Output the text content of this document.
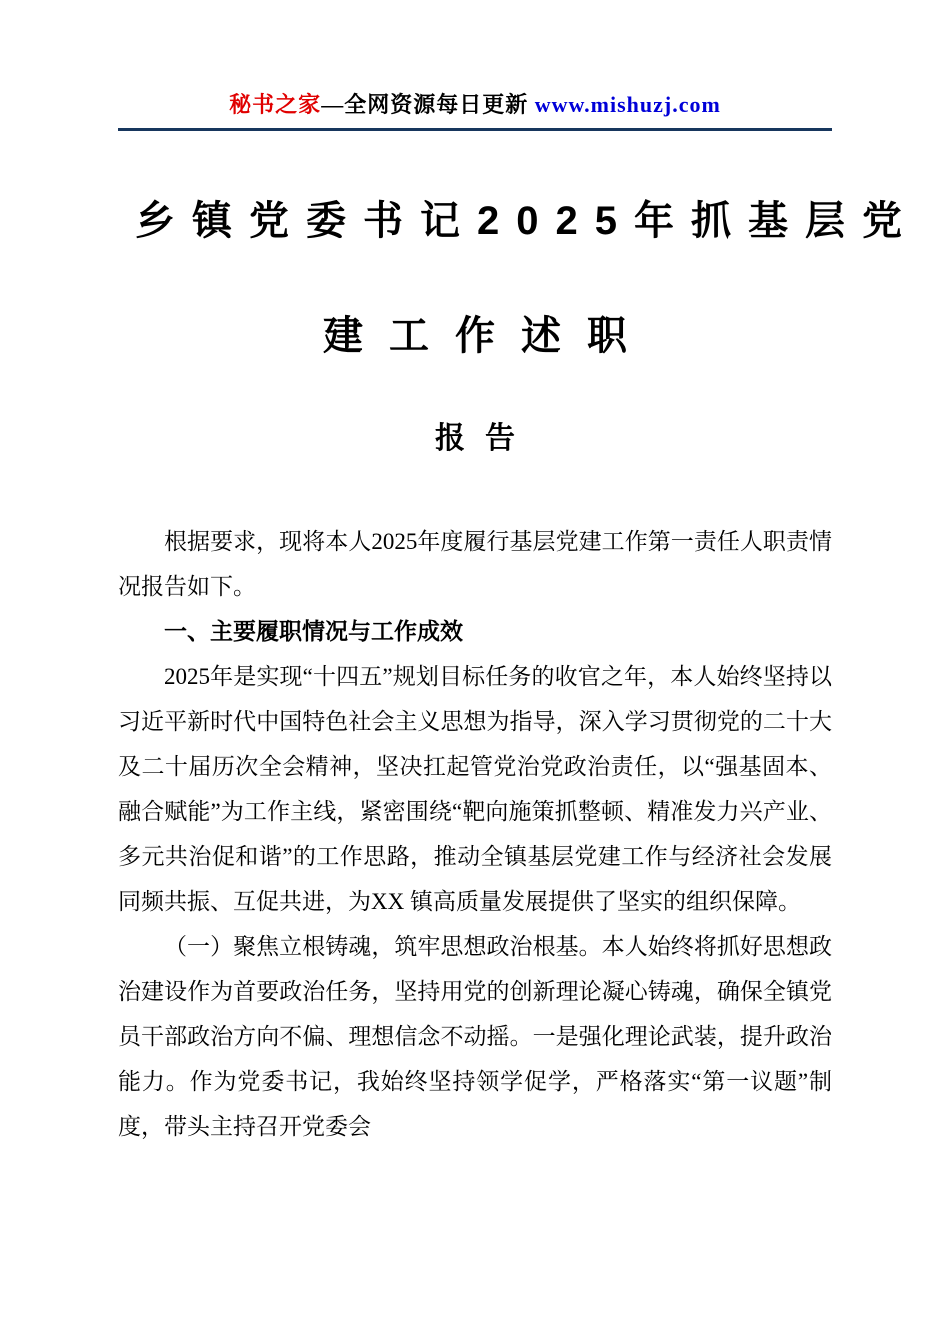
秘书之家—全网资源每日更新 www.mishuzj.com
乡镇党委书记2025年抓基层党
建工作述职
报告

根据要求，现将本人2025年度履行基层党建工作第一责任人职责情况报告如下。

一、主要履职情况与工作成效

2025年是实现“十四五”规划目标任务的收官之年，本人始终坚持以习近平新时代中国特色社会主义思想为指导，深入学习贯彻党的二十大及二十届历次全会精神，坚决扛起管党治党政治责任，以“强基固本、融合赋能”为工作主线，紧密围绕“靶向施策抓整顿、精准发力兴产业、多元共治促和谐”的工作思路，推动全镇基层党建工作与经济社会发展同频共振、互促共进，为XX 镇高质量发展提供了坚实的组织保障。

（一）聚焦立根铸魂，筑牢思想政治根基。本人始终将抓好思想政治建设作为首要政治任务，坚持用党的创新理论凝心铸魂，确保全镇党员干部政治方向不偏、理想信念不动摇。一是强化理论武装，提升政治能力。作为党委书记，我始终坚持领学促学，严格落实“第一议题”制度，带头主持召开党委会
